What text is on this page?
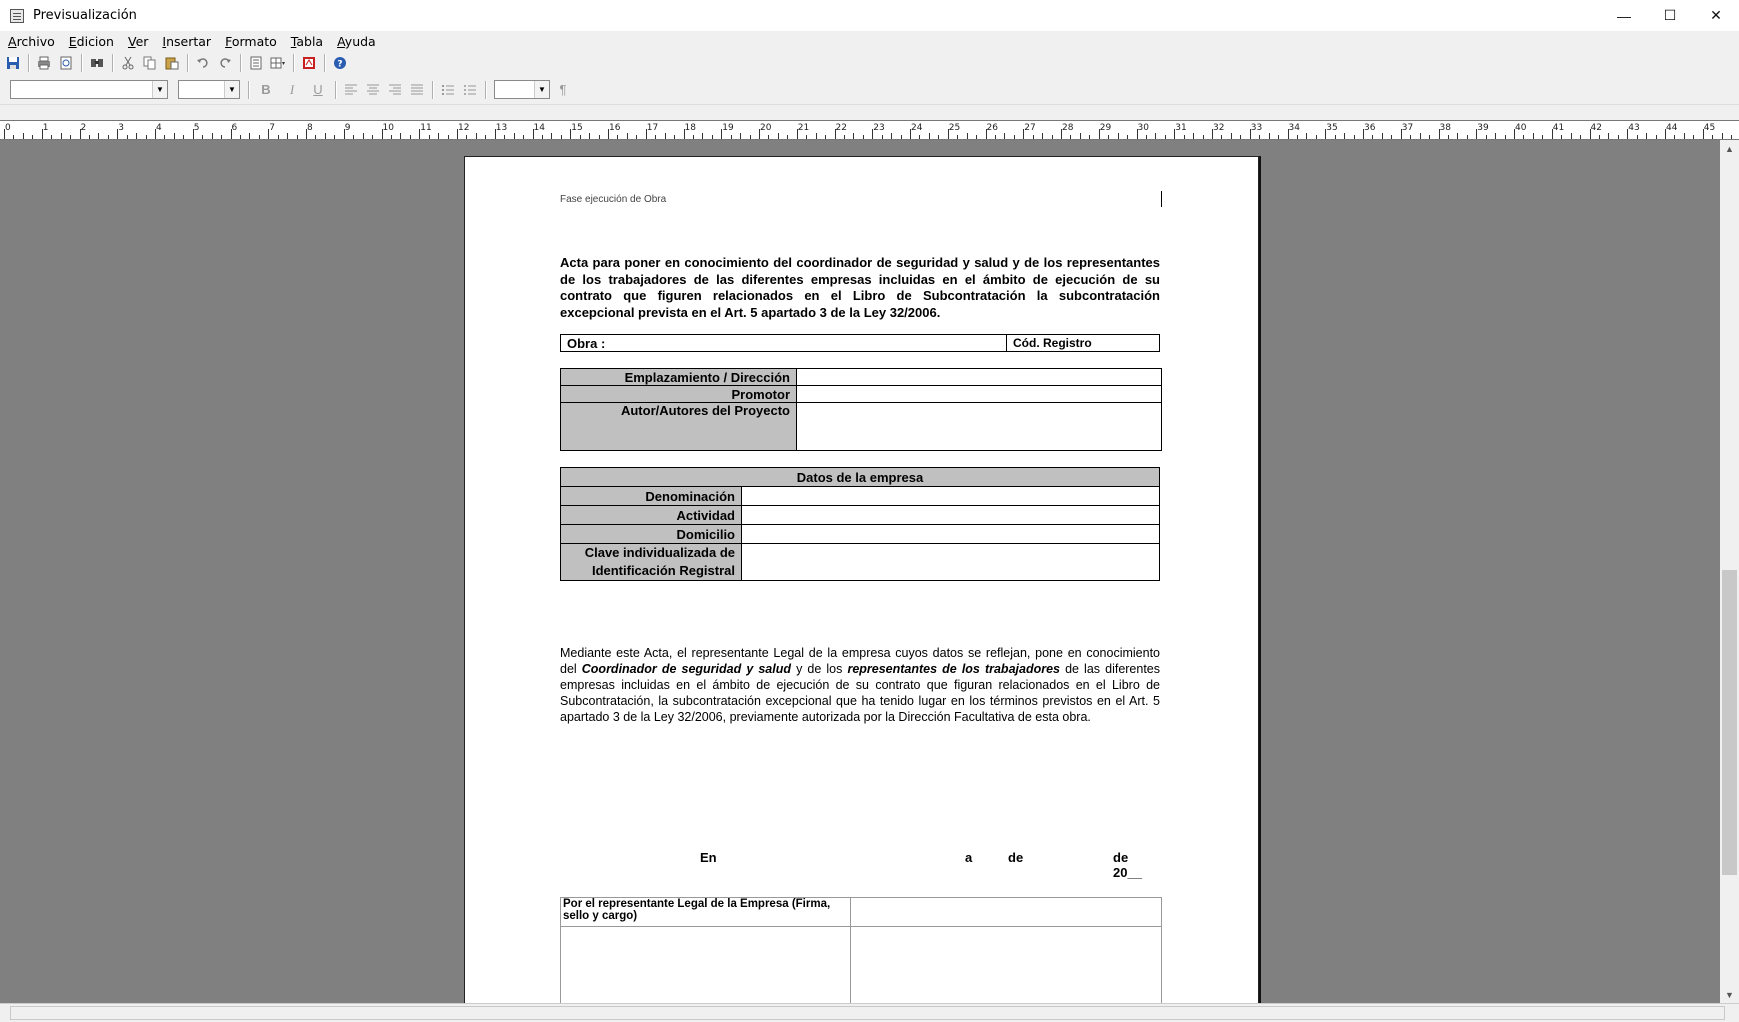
Previsualización	—	☐	✕
Archivo Edicion Ver Insertar Formato Tabla Ayuda
?
▼	▼ B	I	U	▼ ¶
0	1	2	3	4	5	6	7	8	9	10	11	12	13	14	15	16	17	18	19	20	21	22	23	24	25	26	27	28	29	30	31	32	33	34	35	36	37	38	39	40	41	42	43	44	45
Fase ejecución de Obra
Acta para poner en conocimiento del coordinador de seguridad y salud y de los representantes de los trabajadores de las diferentes empresas incluidas en el ámbito de ejecución de su contrato que figuren relacionados en el Libro de Subcontratación la subcontratación excepcional prevista en el Art. 5 apartado 3 de la Ley 32/2006.
Obra :	Cód. Registro
Emplazamiento / Dirección	
Promotor	
Autor/Autores del Proyecto	
Datos de la empresa	
Denominación	
Actividad	
Domicilio	
Clave individualizada de Identificación Registral	
Mediante este Acta, el representante Legal de la empresa cuyos datos se reflejan, pone en conocimiento del Coordinador de seguridad y salud y de los representantes de los trabajadores de las diferentes empresas incluidas en el ámbito de ejecución de su contrato que figuran relacionados en el Libro de Subcontratación, la subcontratación excepcional que ha tenido lugar en los términos previstos en el Art. 5 apartado 3 de la Ley 32/2006, previamente autorizada por la Dirección Facultativa de esta obra.
En	a	de	de 20__
Por el representante Legal de la Empresa (Firma, sello y cargo)	

▲
▼
